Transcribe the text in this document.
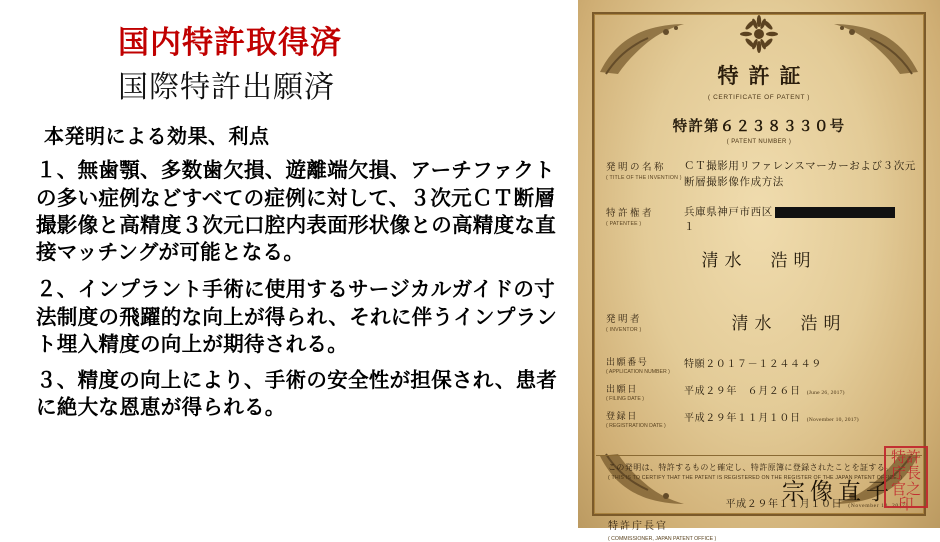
国内特許取得済
国際特許出願済
本発明による効果、利点
１、無歯顎、多数歯欠損、遊離端欠損、アーチファクトの多い症例などすべての症例に対して、３次元ＣＴ断層撮影像と高精度３次元口腔内表面形状像との高精度な直接マッチングが可能となる。
２、インプラント手術に使用するサージカルガイドの寸法制度の飛躍的な向上が得られ、それに伴うインプラント埋入精度の向上が期待される。
３、精度の向上により、手術の安全性が担保され、患者に絶大な恩恵が得られる。
特許証
( CERTIFICATE OF PATENT )
特許第６２３８３３０号
( PATENT NUMBER )
発明の名称
( TITLE OF THE INVENTION )
ＣＴ撮影用リファレンスマーカーおよび３次元断層撮影像作成方法
特許権者
( PATENTEE )
兵庫県神戸市西区
１
清水　浩明
発明者
( INVENTOR )	清水　浩明
出願番号
( APPLICATION NUMBER )
特願２０１７－１２４４４９
出願日
( FILING DATE )
平成２９年　６月２６日 (June 26, 2017)
登録日
( REGISTRATION DATE )
平成２９年１１月１０日 (November 10, 2017)
この発明は、特許するものと確定し、特許原簿に登録されたことを証する。
( THIS IS TO CERTIFY THAT THE PATENT IS REGISTERED ON THE REGISTER OF THE JAPAN PATENT OFFICE. )
平成２９年１１月１０日 (November 10, 2017)
特許庁長官
( COMMISSIONER, JAPAN PATENT OFFICE )
宗像直子
特許庁長官之印
